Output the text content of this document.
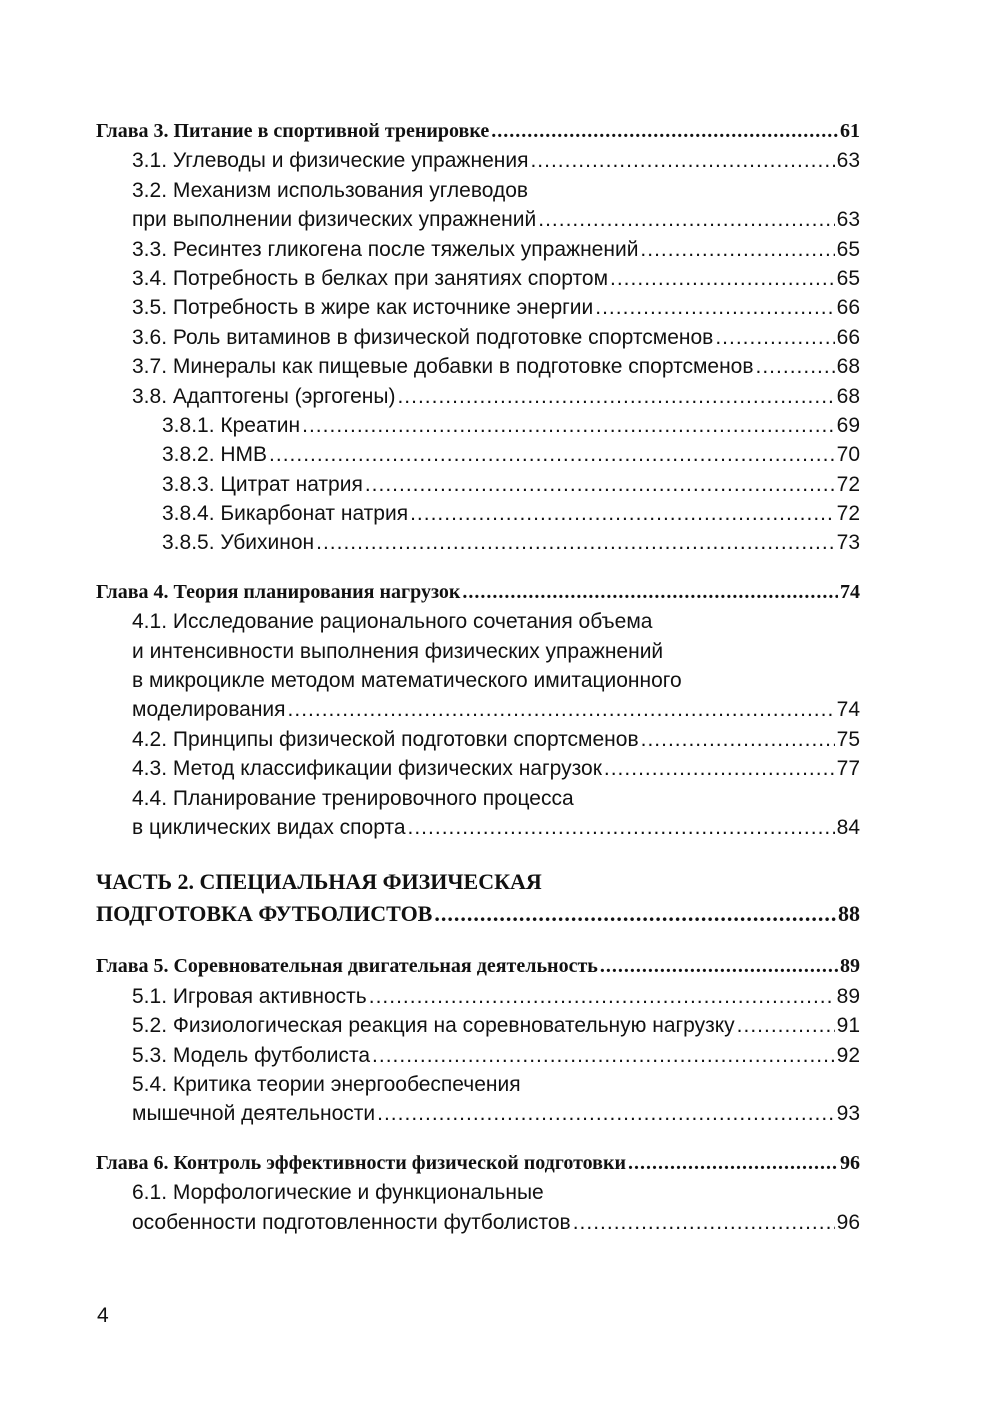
Глава 3. Питание в спортивной тренировке .....	61
3.1. Углеводы и физические упражнения .....	63
3.2. Механизм использования углеводов
при выполнении физических упражнений .....	63
3.3. Ресинтез гликогена после тяжелых упражнений .....	65
3.4. Потребность в белках при занятиях спортом .....	65
3.5. Потребность в жире как источнике энергии .....	66
3.6. Роль витаминов в физической подготовке спортсменов .....	66
3.7. Минералы как пищевые добавки в подготовке спортсменов .....	68
3.8. Адаптогены (эргогены) .....	68
3.8.1. Креатин .....	69
3.8.2. HMB .....	70
3.8.3. Цитрат натрия .....	72
3.8.4. Бикарбонат натрия .....	72
3.8.5. Убихинон .....	73
Глава 4. Теория планирования нагрузок .....	74
4.1. Исследование рационального сочетания объема
и интенсивности выполнения физических упражнений
в микроцикле методом математического имитационного
моделирования .....	74
4.2. Принципы физической подготовки спортсменов .....	75
4.3. Метод классификации физических нагрузок .....	77
4.4. Планирование тренировочного процесса
в циклических видах спорта .....	84
ЧАСТЬ 2. СПЕЦИАЛЬНАЯ ФИЗИЧЕСКАЯ
ПОДГОТОВКА ФУТБОЛИСТОВ .....	88
Глава 5. Соревновательная двигательная деятельность .....	89
5.1. Игровая активность .....	89
5.2. Физиологическая реакция на соревновательную нагрузку .....	91
5.3. Модель футболиста .....	92
5.4. Критика теории энергообеспечения
мышечной деятельности .....	93
Глава 6. Контроль эффективности физической подготовки .....	96
6.1. Морфологические и функциональные
особенности подготовленности футболистов .....	96
4
